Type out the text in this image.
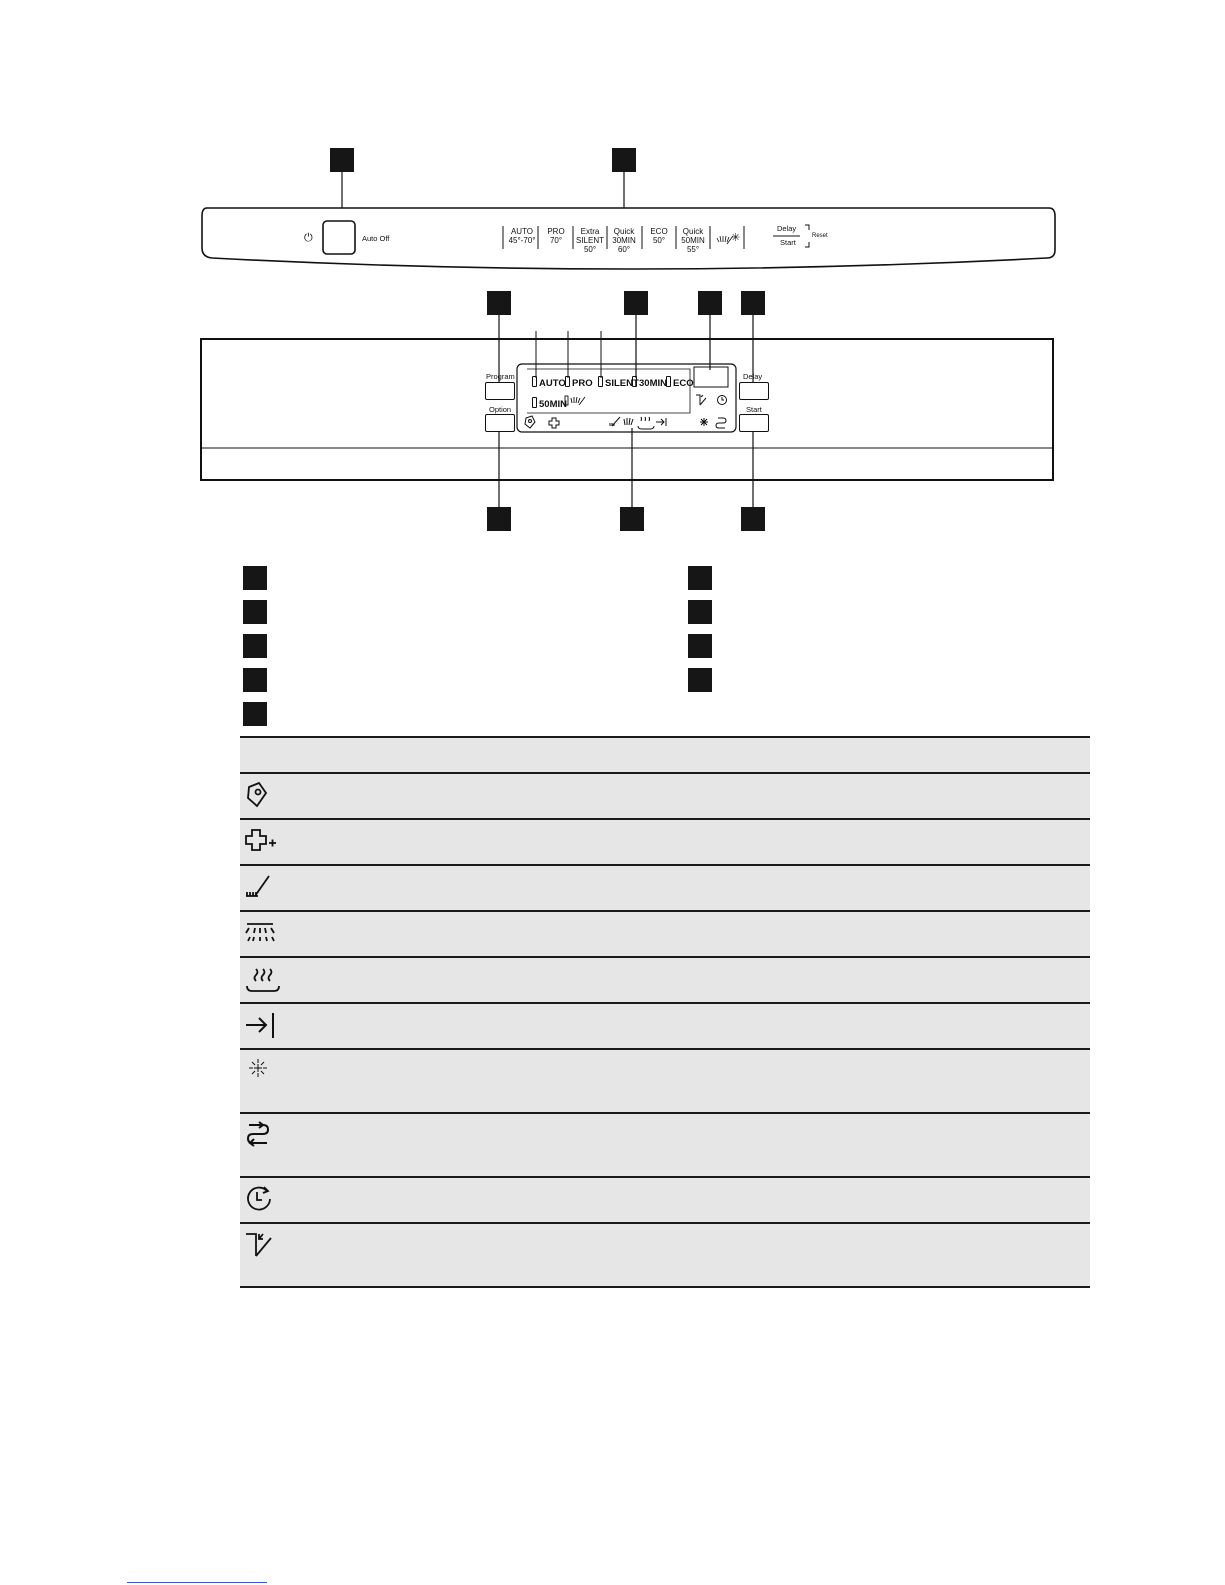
⏻	Auto Off
AUTO
45°-70°
PRO
70°
Extra
SILENT
50°
Quick
30MIN
60°
ECO
50°
Quick
50MIN
55°
✳
Delay
Start
Reset
Program
Option
Delay
Start
AUTO PRO	SILENT 30MIN ECO
50MIN
